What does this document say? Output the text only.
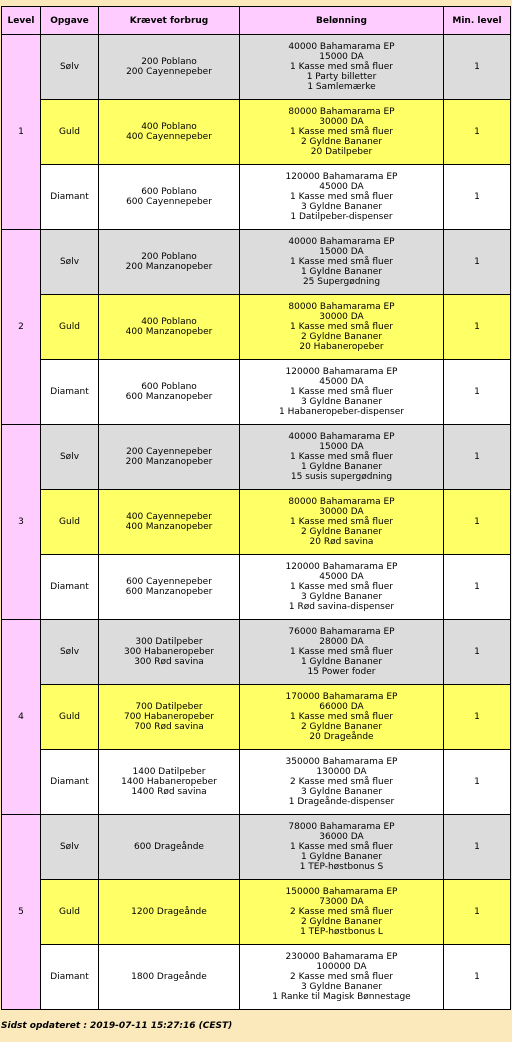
Level	Opgave	Krævet forbrug	Belønning	Min. level
1	Sølv	200 Poblano
200 Cayennepeber	40000 Bahamarama EP
15000 DA
1 Kasse med små fluer
1 Party billetter
1 Samlemærke	1
	Guld	400 Poblano
400 Cayennepeber	80000 Bahamarama EP
30000 DA
1 Kasse med små fluer
2 Gyldne Bananer
20 Datilpeber	1
	Diamant	600 Poblano
600 Cayennepeber	120000 Bahamarama EP
45000 DA
1 Kasse med små fluer
3 Gyldne Bananer
1 Datilpeber-dispenser	1
2	Sølv	200 Poblano
200 Manzanopeber	40000 Bahamarama EP
15000 DA
1 Kasse med små fluer
1 Gyldne Bananer
25 Supergødning	1
	Guld	400 Poblano
400 Manzanopeber	80000 Bahamarama EP
30000 DA
1 Kasse med små fluer
2 Gyldne Bananer
20 Habaneropeber	1
	Diamant	600 Poblano
600 Manzanopeber	120000 Bahamarama EP
45000 DA
1 Kasse med små fluer
3 Gyldne Bananer
1 Habaneropeber-dispenser	1
3	Sølv	200 Cayennepeber
200 Manzanopeber	40000 Bahamarama EP
15000 DA
1 Kasse med små fluer
1 Gyldne Bananer
15 susis supergødning	1
	Guld	400 Cayennepeber
400 Manzanopeber	80000 Bahamarama EP
30000 DA
1 Kasse med små fluer
2 Gyldne Bananer
20 Rød savina	1
	Diamant	600 Cayennepeber
600 Manzanopeber	120000 Bahamarama EP
45000 DA
1 Kasse med små fluer
3 Gyldne Bananer
1 Rød savina-dispenser	1
4	Sølv	300 Datilpeber
300 Habaneropeber
300 Rød savina	76000 Bahamarama EP
28000 DA
1 Kasse med små fluer
1 Gyldne Bananer
15 Power foder	1
	Guld	700 Datilpeber
700 Habaneropeber
700 Rød savina	170000 Bahamarama EP
66000 DA
1 Kasse med små fluer
2 Gyldne Bananer
20 Drageånde	1
	Diamant	1400 Datilpeber
1400 Habaneropeber
1400 Rød savina	350000 Bahamarama EP
130000 DA
2 Kasse med små fluer
3 Gyldne Bananer
1 Drageånde-dispenser	1
5	Sølv	600 Drageånde	78000 Bahamarama EP
36000 DA
1 Kasse med små fluer
1 Gyldne Bananer
1 TEP-høstbonus S	1
	Guld	1200 Drageånde	150000 Bahamarama EP
73000 DA
2 Kasse med små fluer
2 Gyldne Bananer
1 TEP-høstbonus L	1
	Diamant	1800 Drageånde	230000 Bahamarama EP
100000 DA
2 Kasse med små fluer
3 Gyldne Bananer
1 Ranke til Magisk Bønnestage	1
Sidst opdateret : 2019-07-11 15:27:16 (CEST)
